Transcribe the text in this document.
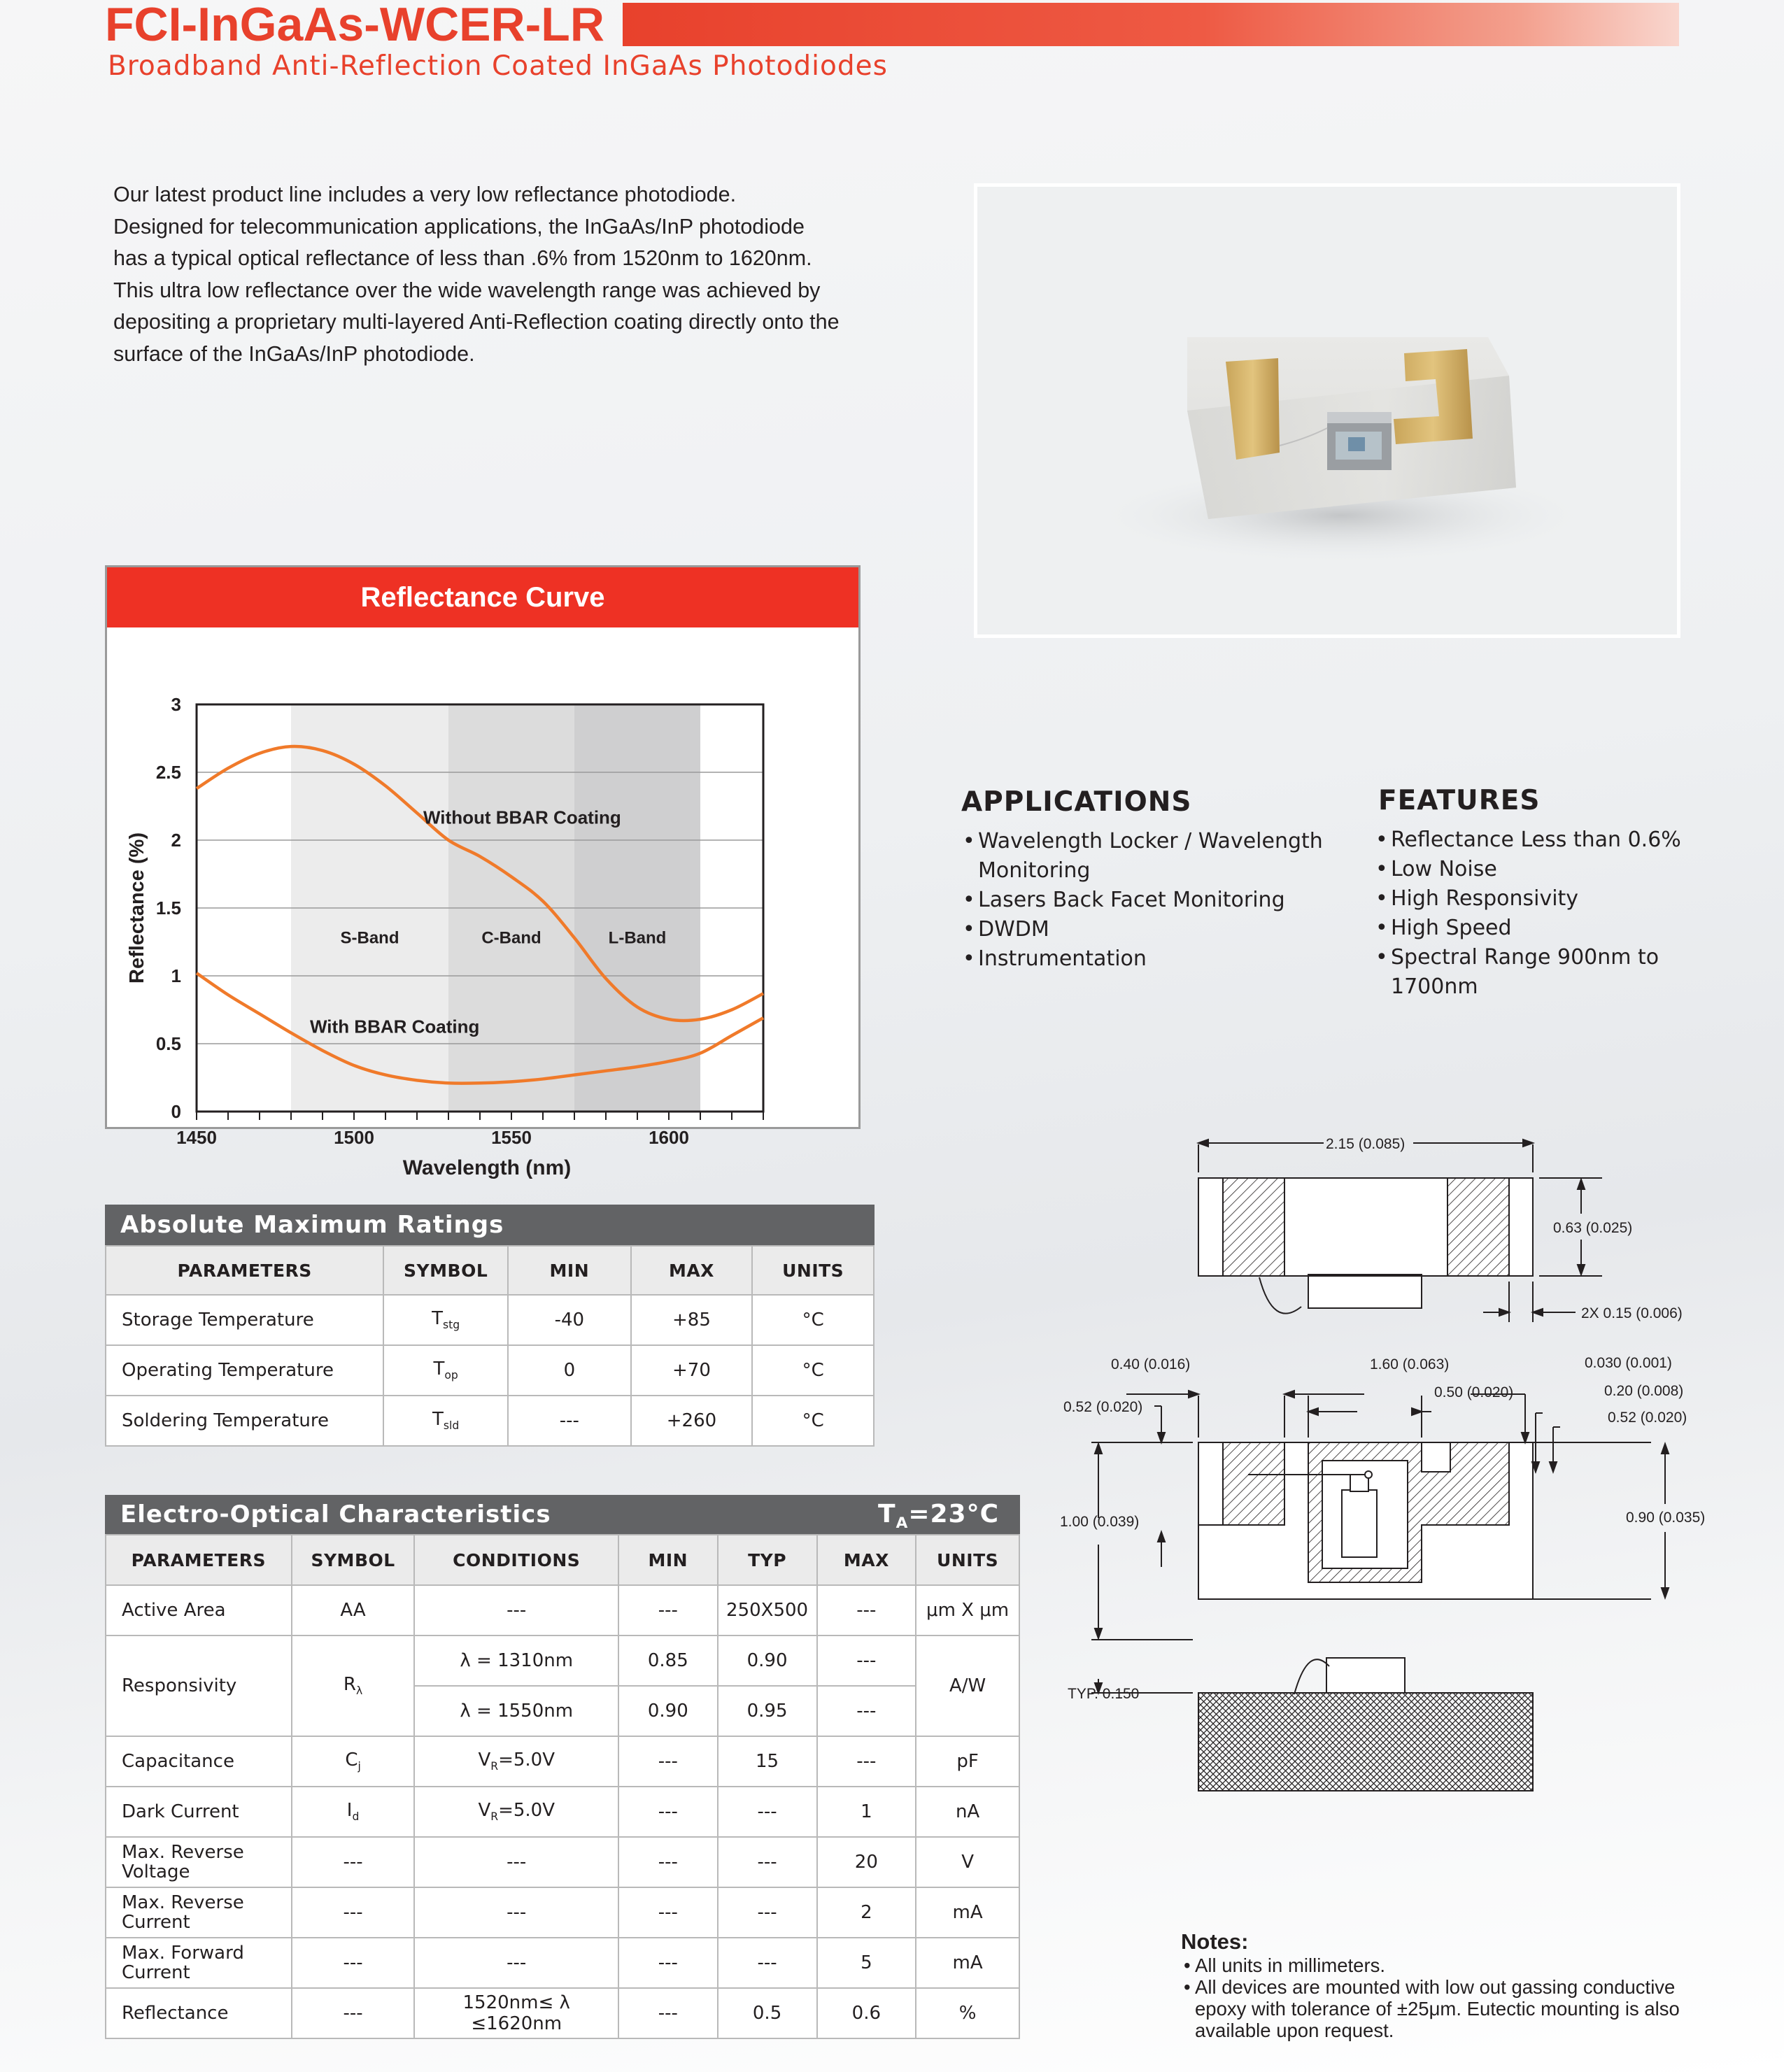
FCI-InGaAs-WCER-LR
Broadband Anti-Reflection Coated InGaAs Photodiodes

Our latest product line includes a very low reflectance photodiode.

Designed for telecommunication applications, the InGaAs/InP photodiode

has a typical optical reflectance of less than .6% from 1520nm to 1620nm.

This ultra low reflectance over the wide wavelength range was achieved by

depositing a proprietary multi-layered Anti-Reflection coating directly onto the

surface of the InGaAs/InP photodiode.

Reflectance Curve
0
0.5
1
1.5
2
2.5
3
1450	1500	1550	1600
Wavelength (nm)
Reflectance (%)	S-Band	C-Band	L-Band
Without BBAR Coating
With BBAR Coating
APPLICATIONS
• Wavelength Locker / Wavelength Monitoring
• Lasers Back Facet Monitoring
• DWDM
• Instrumentation
FEATURES
• Reflectance Less than 0.6%
• Low Noise
• High Responsivity
• High Speed
• Spectral Range 900nm to 1700nm
Absolute Maximum Ratings
PARAMETERS	SYMBOL	MIN	MAX	UNITS
Storage Temperature	$T_{stg}$	-40	+85	°C
Operating Temperature	$T_{op}$	0	+70	°C
Soldering Temperature	$T_{sld}$	---	+260	°C
Electro-Optical Characteristics	$T_A=23^\circ C$
PARAMETERS	SYMBOL	CONDITIONS	MIN	TYP	MAX	UNITS
Active Area	AA	---	---	250X500	---	μm X μm
Responsivity	$R_\lambda$	λ = 1310nm	0.85	0.90	---	A/W
		λ = 1550nm	0.90	0.95	---	
Capacitance	$C_j$	$V_R=5.0V$	---	15	---	pF
Dark Current	$I_d$	$V_R=5.0V$	---	---	1	nA
Max. Reverse
Voltage	---	---	---	---	20	V
Max. Reverse
Current	---	---	---	---	2	mA
Max. Forward
Current	---	---	---	---	5	mA
Reflectance	---	1520nm≤ λ ≤1620nm	---	0.5	0.6	%
2.15 (0.085)
0.63 (0.025)
2X 0.15 (0.006)
0.40 (0.016)	1.60 (0.063)	0.030 (0.001)
0.50 (0.020)	0.20 (0.008)
0.52 (0.020)
0.52 (0.020)
1.00 (0.039)	0.90 (0.035)
TYP. 0.150
Notes:
• All units in millimeters.
• All devices are mounted with low out gassing conductive epoxy with tolerance of ±25μm. Eutectic mounting is also available upon request.
